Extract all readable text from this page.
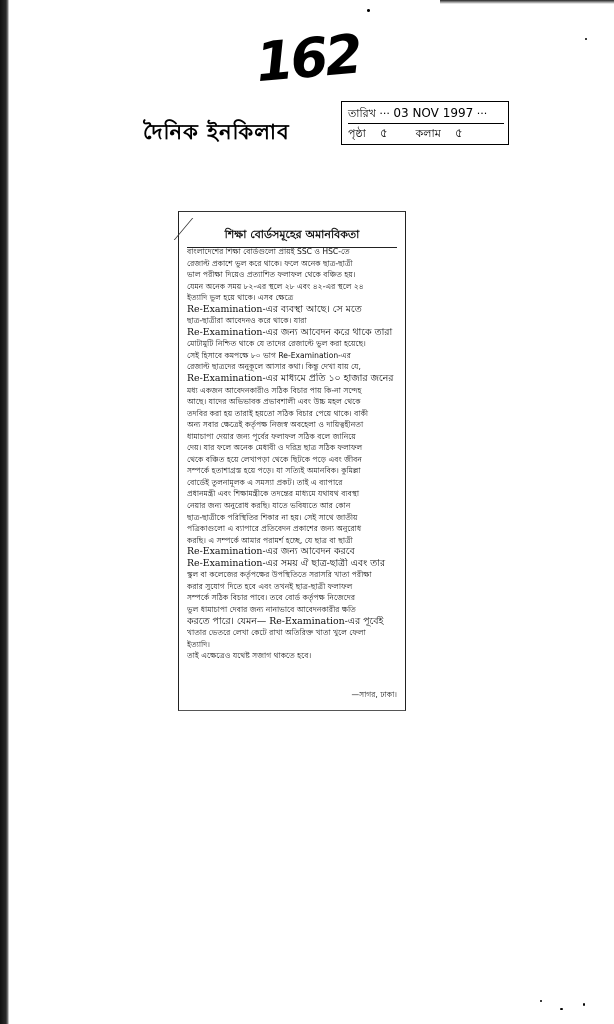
162
দৈনিক ইনকিলাব
তারিখ ··· 03 NOV 1997 ···
পৃষ্ঠা ৫	কলাম ৫
শিক্ষা বোর্ডসমূহের অমানবিকতা
বাংলাদেশের শিক্ষা বোর্ডগুলো প্রায়ই SSC ও HSC-তে
রেজাল্ট প্রকাশে ভুল করে থাকে। ফলে অনেক ছাত্র-ছাত্রী
ভাল পরীক্ষা দিয়েও প্রত্যাশিত ফলাফল থেকে বঞ্চিত হয়।
যেমন অনেক সময় ৮২-এর স্থলে ২৮ এবং ৪২-এর স্থলে ২৪
ইত্যাদি ভুল হয়ে থাকে। এসব ক্ষেত্রে
Re-Examination-এর ব্যবস্থা আছে। সে মতে
ছাত্র-ছাত্রীরা আবেদনও করে থাকে। যারা
Re-Examination-এর জন্য আবেদন করে থাকে তারা
মোটামুটি নিশ্চিত থাকে যে তাদের রেজাল্টে ভুল করা হয়েছে।
সেই হিসাবে কমপক্ষে ৮০ ভাগ Re-Examination-এর
রেজাল্ট ছাত্রদের অনুকূলে আসার কথা। কিন্তু দেখা যায় যে,
Re-Examination-এর মাধ্যমে প্রতি ১০ হাজার জনের
মধ্য একজন আবেদনকারীও সঠিক বিচার পায় কি-না সন্দেহ
আছে। যাদের অভিভাবক প্রভাবশালী এবং উচ্চ মহল থেকে
তদবির করা হয় তারাই হয়তো সঠিক বিচার পেয়ে থাকে। বাকী
অন্য সবার ক্ষেত্রেই কর্তৃপক্ষ নিজস্ব অবহেলা ও দায়িত্বহীনতা
ধামাচাপা দেয়ার জন্য পূর্বের ফলাফল সঠিক বলে জানিয়ে
দেয়। যার ফলে অনেক মেধাবী ও দরিদ্র ছাত্র সঠিক ফলাফল
থেকে বঞ্চিত হয়ে লেখাপড়া থেকে ছিটকে পড়ে এবং জীবন
সম্পর্কে হতাশাগ্রস্ত হয়ে পড়ে। যা সত্যিই অমানবিক। কুমিল্লা
বোর্ডেই তুলনামূলক এ সমস্যা প্রকট। তাই এ ব্যাপারে
প্রধানমন্ত্রী এবং শিক্ষামন্ত্রীকে তদন্তের মাধ্যমে যথাযথ ব্যবস্থা
নেয়ার জন্য অনুরোধ করছি। যাতে ভবিষ্যতে আর কোন
ছাত্র-ছাত্রীকে পরিস্থিতির শিকার না হয়। সেই সাথে জাতীয়
পত্রিকাগুলো এ ব্যাপারে প্রতিবেদন প্রকাশের জন্য অনুরোধ
করছি। এ সম্পর্কে আমার পরামর্শ হচ্ছে, যে ছাত্র বা ছাত্রী
Re-Examination-এর জন্য আবেদন করবে
Re-Examination-এর সময় ঐ ছাত্র-ছাত্রী এবং তার
স্কুল বা কলেজের কর্তৃপক্ষের উপস্থিতিতে সরাসরি খাতা পরীক্ষা
করার সুযোগ দিতে হবে এবং তখনই ছাত্র-ছাত্রী ফলাফল
সম্পর্কে সঠিক বিচার পাবে। তবে বোর্ড কর্তৃপক্ষ নিজেদের
ভুল ধামাচাপা দেবার জন্য নানাভাবে আবেদনকারীর ক্ষতি
করতে পারে। যেমন— Re-Examination-এর পূর্বেই
খাতার ভেতরে লেখা কেটে রাখা অতিরিক্ত খাতা খুলে ফেলা
ইত্যাদি।
তাই এক্ষেত্রেও যথেষ্ট সজাগ থাকতে হবে।
—সাগর, ঢাকা।
